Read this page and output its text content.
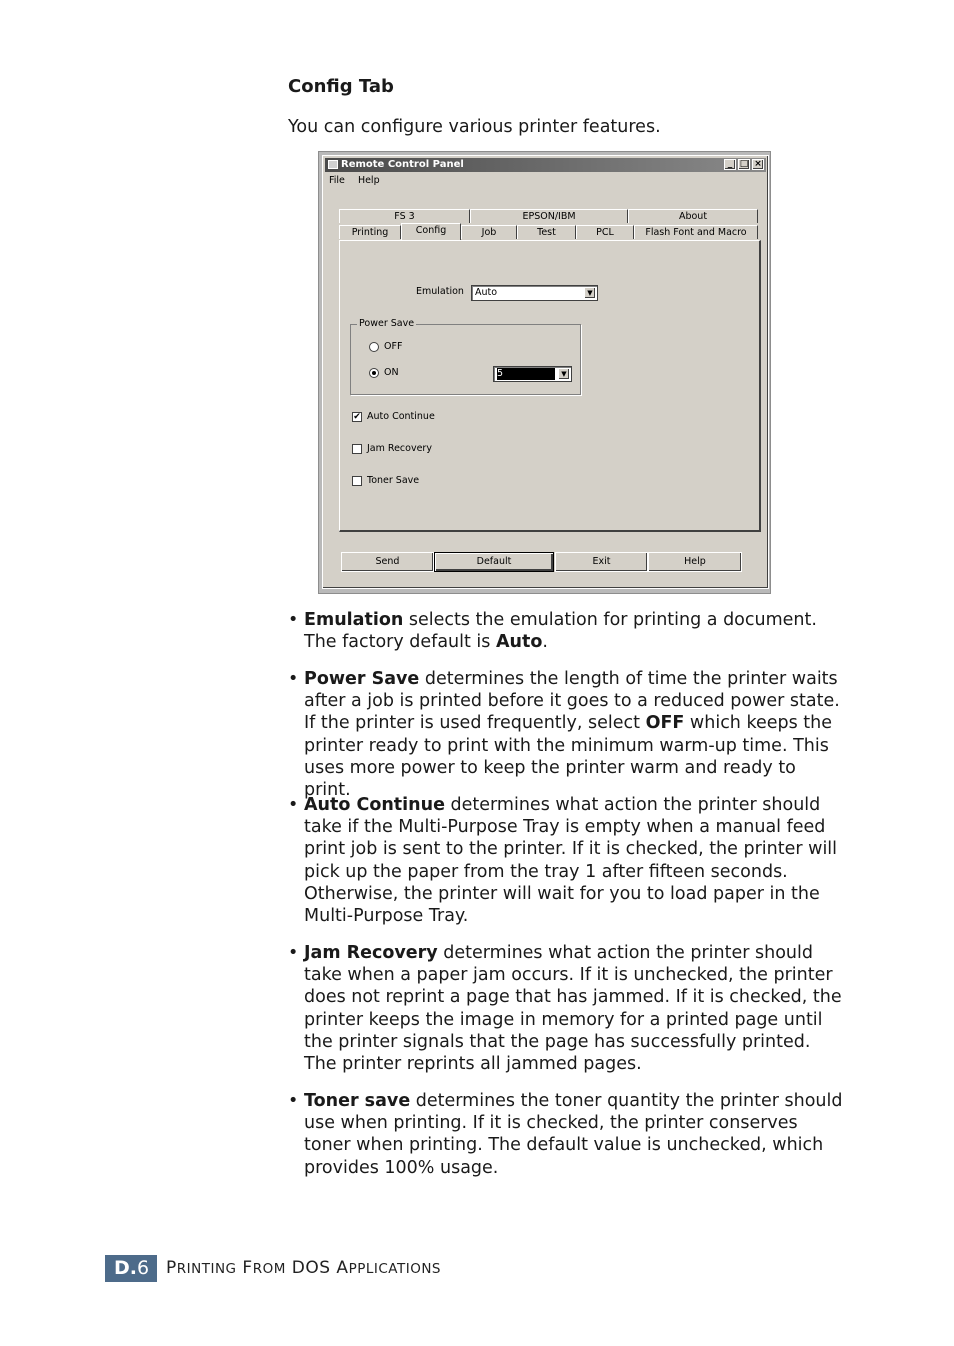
Config Tab
You can configure various printer features.
Remote Control Panel	_ □ ×
File Help
FS 3	EPSON/IBM	About
Printing	Config	Job	Test	PCL	Flash Font and Macro
Emulation	Auto	▼
Power Save
OFF
ON	5	▼
✔ Auto Continue
Jam Recovery
Toner Save
Send	Default	Exit	Help
• Emulation selects the emulation for printing a document. The factory default is Auto.
• Power Save determines the length of time the printer waits after a job is printed before it goes to a reduced power state. If the printer is used frequently, select OFF which keeps the printer ready to print with the minimum warm-up time. This uses more power to keep the printer warm and ready to print.
• Auto Continue determines what action the printer should take if the Multi-Purpose Tray is empty when a manual feed print job is sent to the printer. If it is checked, the printer will pick up the paper from the tray 1 after fifteen seconds. Otherwise, the printer will wait for you to load paper in the Multi-Purpose Tray.
• Jam Recovery determines what action the printer should take when a paper jam occurs. If it is unchecked, the printer does not reprint a page that has jammed. If it is checked, the printer keeps the image in memory for a printed page until the printer signals that the page has successfully printed. The printer reprints all jammed pages.
• Toner save determines the toner quantity the printer should use when printing. If it is checked, the printer conserves toner when printing. The default value is unchecked, which provides 100% usage.
D.6 PRINTING FROM DOS APPLICATIONS
